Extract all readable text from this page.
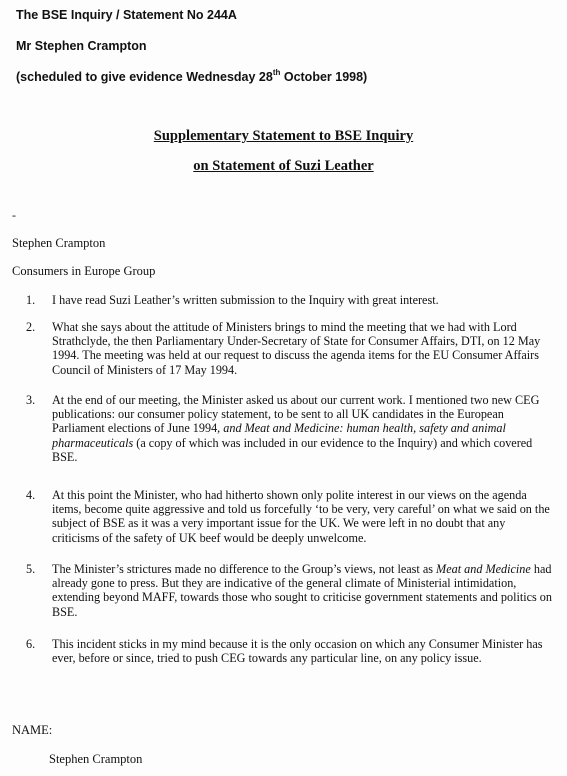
The BSE Inquiry / Statement No 244A
Mr Stephen Crampton
(scheduled to give evidence Wednesday 28th October 1998)
Supplementary Statement to BSE Inquiry
on Statement of Suzi Leather
-
Stephen Crampton
Consumers in Europe Group
1.	I have read Suzi Leather’s written submission to the Inquiry with great interest.
2.	What she says about the attitude of Ministers brings to mind the meeting that we had with Lord Strathclyde, the then Parliamentary Under-Secretary of State for Consumer Affairs, DTI, on 12 May 1994. The meeting was held at our request to discuss the agenda items for the EU Consumer Affairs Council of Ministers of 17 May 1994.
3.	At the end of our meeting, the Minister asked us about our current work. I mentioned two new CEG publications: our consumer policy statement, to be sent to all UK candidates in the European Parliament elections of June 1994, and Meat and Medicine: human health, safety and animal pharmaceuticals (a copy of which was included in our evidence to the Inquiry) and which covered BSE.
4.	At this point the Minister, who had hitherto shown only polite interest in our views on the agenda items, become quite aggressive and told us forcefully ‘to be very, very careful’ on what we said on the subject of BSE as it was a very important issue for the UK. We were left in no doubt that any criticisms of the safety of UK beef would be deeply unwelcome.
5.	The Minister’s strictures made no difference to the Group’s views, not least as Meat and Medicine had already gone to press. But they are indicative of the general climate of Ministerial intimidation, extending beyond MAFF, towards those who sought to criticise government statements and politics on BSE.
6.	This incident sticks in my mind because it is the only occasion on which any Consumer Minister has ever, before or since, tried to push CEG towards any particular line, on any policy issue.
NAME:
Stephen Crampton
